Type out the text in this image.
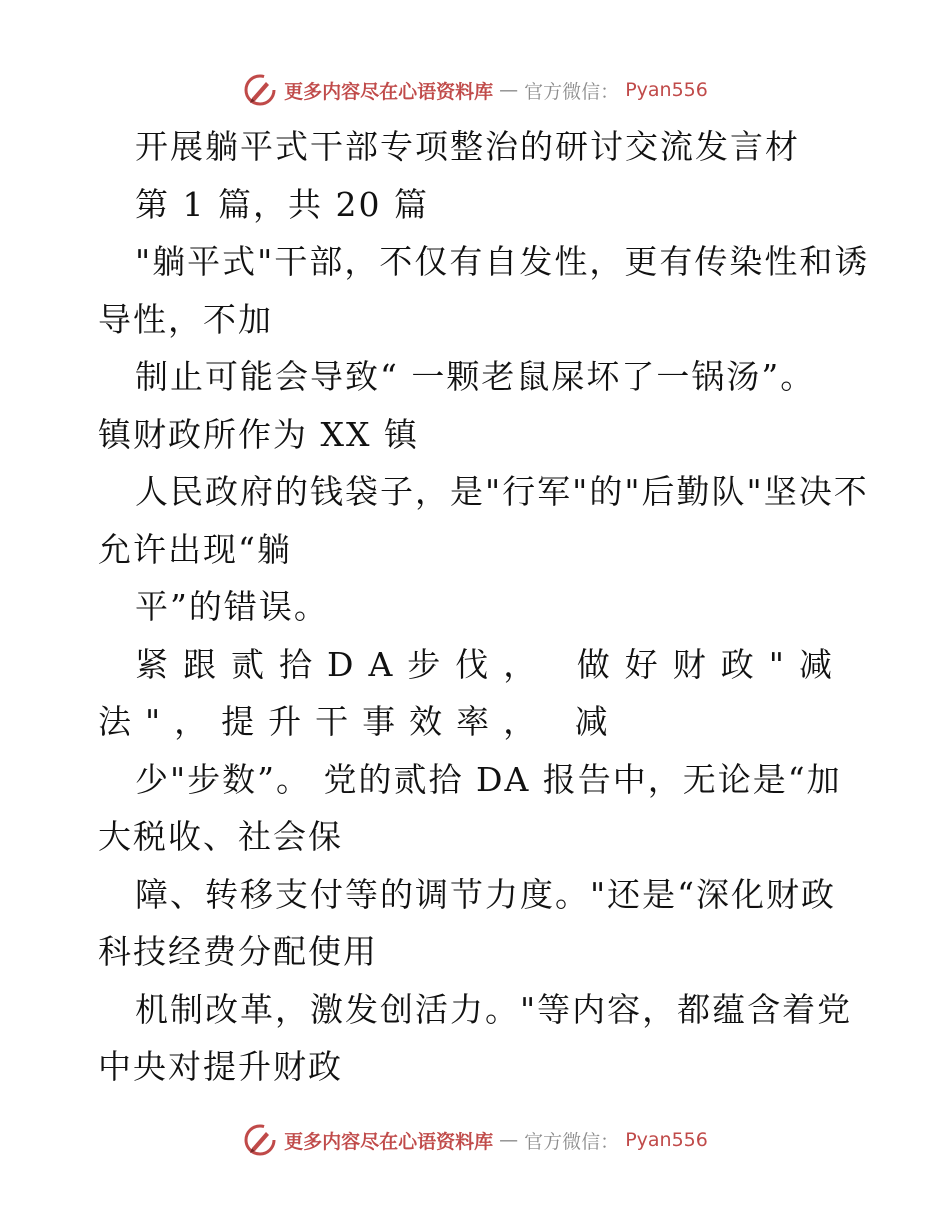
更多内容尽在心语资料库 — 官方微信： Pyan556
开展躺平式干部专项整治的研讨交流发言材
第 1 篇，共 20 篇
"躺平式"干部，不仅有自发性，更有传染性和诱
导性，不加
制止可能会导致“ 一颗老鼠屎坏了一锅汤”。
镇财政所作为 XX 镇
人民政府的钱袋子，是"行军"的"后勤队"坚决不
允许出现“躺
平”的错误。
紧跟贰拾DA步伐， 做好财政"减
法"，提升干事效率， 减
少"步数”。 党的贰拾 DA 报告中，无论是“加
大税收、社会保
障、转移支付等的调节力度。"还是“深化财政
科技经费分配使用
机制改革，激发创活力。"等内容，都蕴含着党
中央对提升财政
更多内容尽在心语资料库 — 官方微信： Pyan556
